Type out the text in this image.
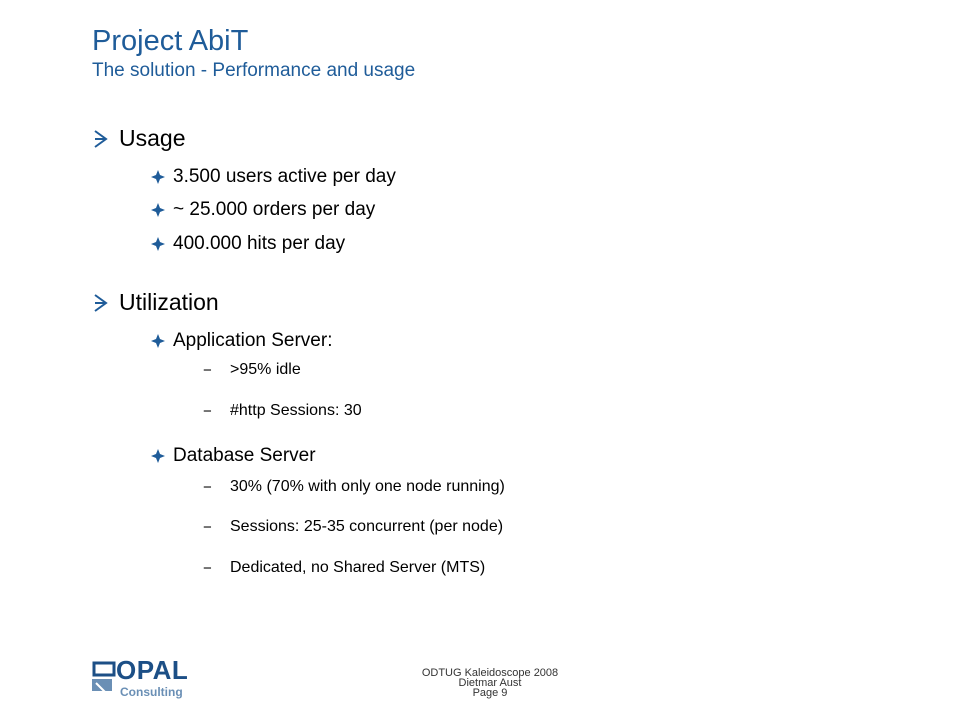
Project AbiT
The solution - Performance and usage
Usage
3.500 users active per day
~ 25.000 orders per day
400.000 hits per day
Utilization
Application Server:
−	>95% idle
−	#http Sessions: 30
Database Server
−	30% (70% with only one node running)
−	Sessions: 25-35 concurrent (per node)
−	Dedicated, no Shared Server (MTS)
OPAL
Consulting
ODTUG Kaleidoscope 2008
Dietmar Aust
Page 9
